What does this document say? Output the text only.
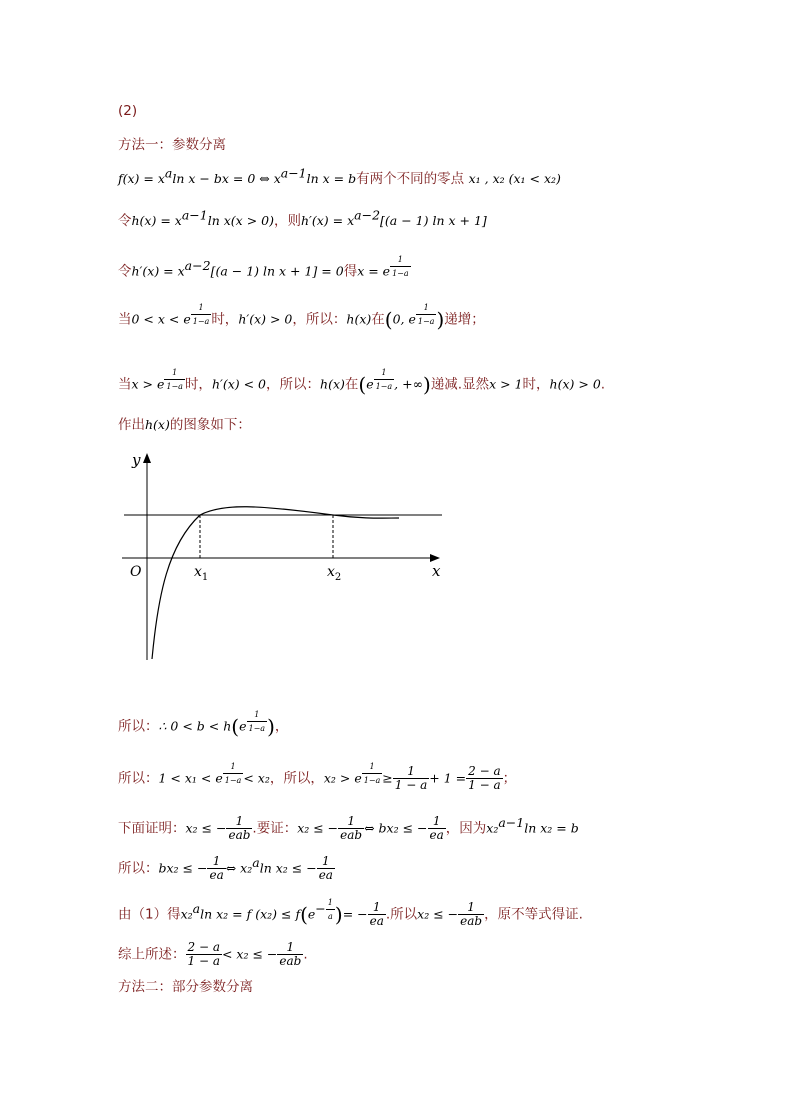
(2)
方法一：参数分离
$f(x) = x^a\ln$ x − bx = 0 ⇔ $x^{a-1}\ln$ x = b有两个不同的零点 x₁ , x₂ (x₁ < x₂)
令$h(x) = x^{a-1}\ln$ x(x > 0)，则$h'(x) = x^{a-2}[(a - 1)$ ln x + 1]
令$h'(x) = x^{a-2}[(a - 1)$ ln x + 1] = 0得x = e $^{\frac{1}{1-a}}$
当0 < x < e $^{\frac{1}{1-a}}$ 时，h′(x) > 0，所以：h(x)在(0, e $^{\frac{1}{1-a}}$ )递增；
当x > e $^{\frac{1}{1-a}}$ 时，h′(x) < 0，所以：h(x)在(e $^{\frac{1}{1-a}}$ , +∞)递减.显然x > 1时，h(x) > 0.
作出h(x)的图象如下：
y
x
O	$x_1$	$x_2$
所以：∴ 0 < b < h(e $^{\frac{1}{1-a}}$ )，
所以：1 < x₁ < e $^{\frac{1}{1-a}}$ < x₂，所以，x₂ > e $^{\frac{1}{1-a}} \ge \frac{1}{1 - a} + 1 = \frac{2 - a}{1 - a}$ ；
下面证明：x₂ ≤ − $\frac{1}{\text{eab}}$ .要证：x₂ ≤ − $\frac{1}{\text{eab}}$ ⇔ bx₂ ≤ − $\frac{1}{ea}$ ，因为x₂$^{a-1}$ln x₂ = b
所以：bx₂ ≤ − $\frac{1}{ea}$ ⇔ x₂$^a$ln x₂ ≤ − $\frac{1}{ea}$
由（1）得x₂$^a$ln x₂ = f $(x_2) \le f(e^{- \frac{1}{a}}$ )= − $\frac{1}{ea}$ .所以x₂ ≤ − $\frac{1}{\text{eab}}$ ，原不等式得证.
综上所述： $\frac{2 - a}{1 - a} < x_2$ ≤ − $\frac{1}{\text{eab}}$ .
方法二：部分参数分离
